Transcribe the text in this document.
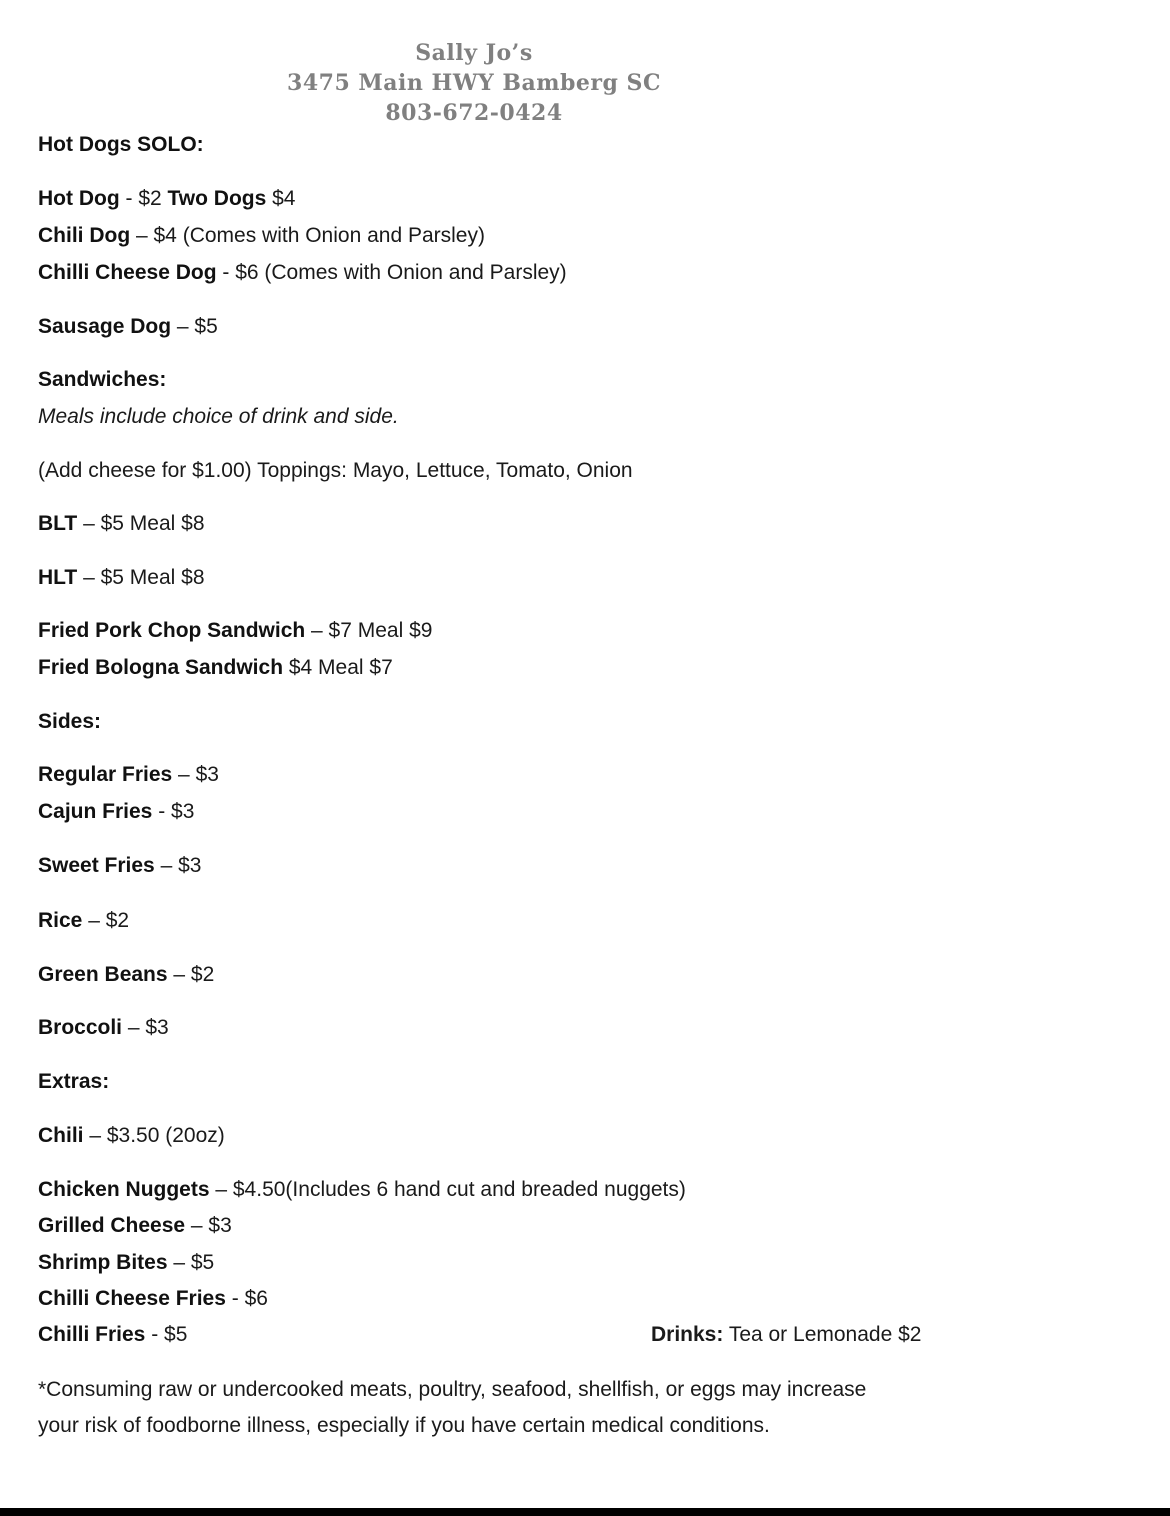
Sally Jo’s
3475 Main HWY Bamberg SC
803-672-0424
Hot Dogs SOLO:
Hot Dog - $2 Two Dogs $4
Chili Dog – $4 (Comes with Onion and Parsley)
Chilli Cheese Dog - $6 (Comes with Onion and Parsley)
Sausage Dog – $5
Sandwiches:
Meals include choice of drink and side.
(Add cheese for $1.00) Toppings: Mayo, Lettuce, Tomato, Onion
BLT – $5 Meal $8
HLT – $5 Meal $8
Fried Pork Chop Sandwich – $7 Meal $9
Fried Bologna Sandwich $4 Meal $7
Sides:
Regular Fries – $3
Cajun Fries - $3
Sweet Fries – $3
Rice – $2
Green Beans – $2
Broccoli – $3
Extras:
Chili – $3.50 (20oz)
Chicken Nuggets – $4.50(Includes 6 hand cut and breaded nuggets)
Grilled Cheese – $3
Shrimp Bites – $5
Chilli Cheese Fries - $6
Chilli Fries - $5	Drinks: Tea or Lemonade $2
*Consuming raw or undercooked meats, poultry, seafood, shellfish, or eggs may increase
your risk of foodborne illness, especially if you have certain medical conditions.
